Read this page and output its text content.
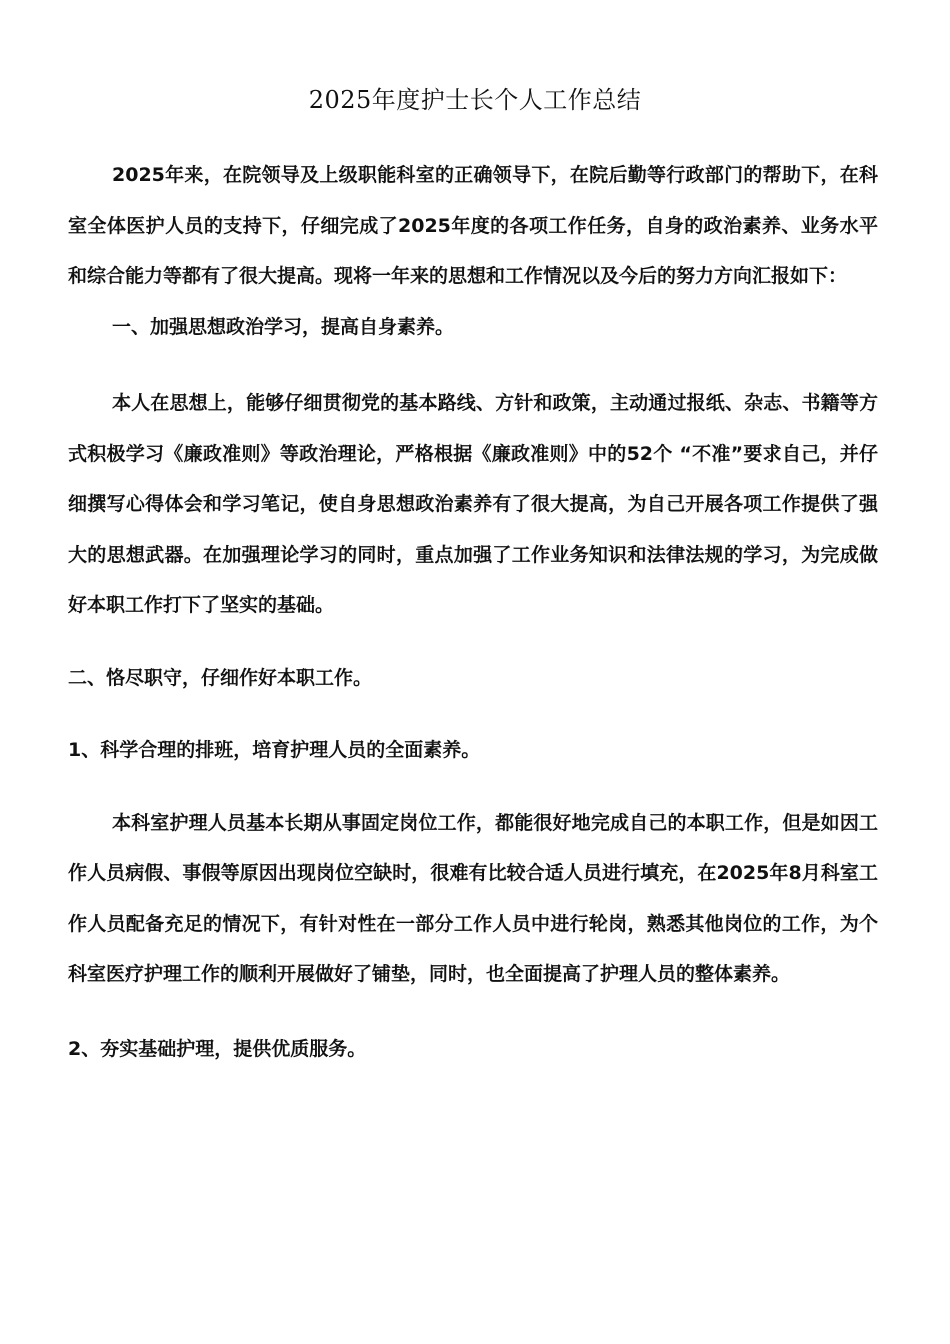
2025年度护士长个人工作总结

2025年来，在院领导及上级职能科室的正确领导下，在院后勤等行政部门的帮助下，在科室全体医护人员的支持下，仔细完成了2025年度的各项工作任务，自身的政治素养、业务水平和综合能力等都有了很大提高。现将一年来的思想和工作情况以及今后的努力方向汇报如下：

一、加强思想政治学习，提高自身素养。

本人在思想上，能够仔细贯彻党的基本路线、方针和政策，主动通过报纸、杂志、书籍等方式积极学习《廉政准则》等政治理论，严格根据《廉政准则》中的52个 “不准”要求自己，并仔细撰写心得体会和学习笔记，使自身思想政治素养有了很大提高，为自己开展各项工作提供了强大的思想武器。在加强理论学习的同时，重点加强了工作业务知识和法律法规的学习，为完成做好本职工作打下了坚实的基础。

二、恪尽职守，仔细作好本职工作。

1、科学合理的排班，培育护理人员的全面素养。

本科室护理人员基本长期从事固定岗位工作，都能很好地完成自己的本职工作，但是如因工作人员病假、事假等原因出现岗位空缺时，很难有比较合适人员进行填充，在2025年8月科室工作人员配备充足的情况下，有针对性在一部分工作人员中进行轮岗，熟悉其他岗位的工作，为个科室医疗护理工作的顺利开展做好了铺垫，同时，也全面提高了护理人员的整体素养。

2、夯实基础护理，提供优质服务。
